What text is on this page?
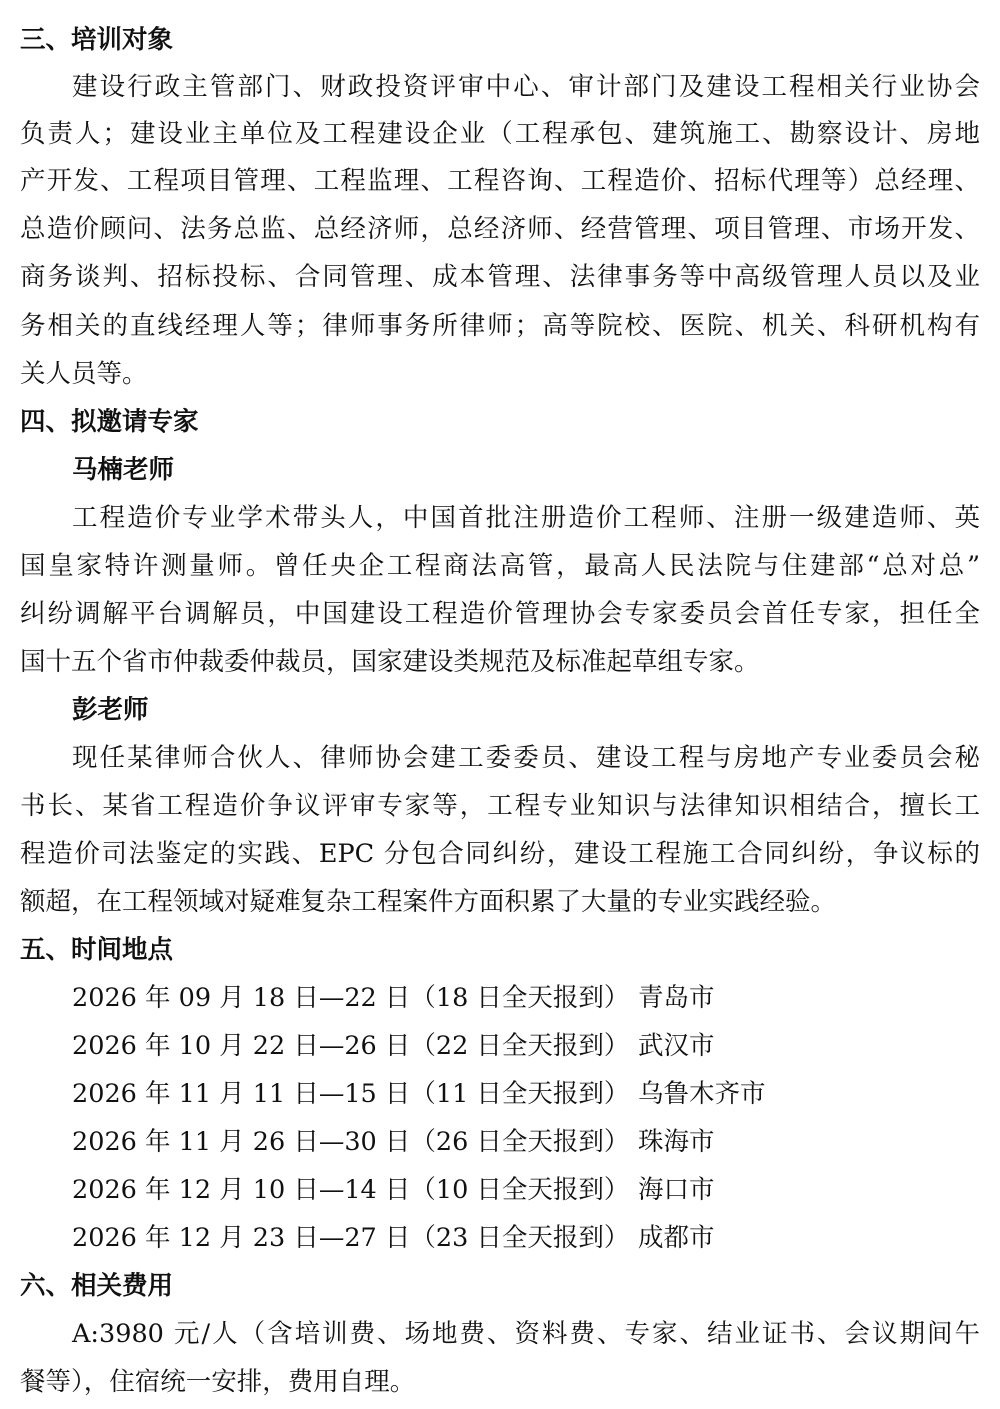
三、培训对象
建设行政主管部门、财政投资评审中心、审计部门及建设工程相关行业协会
负责人；建设业主单位及工程建设企业（工程承包、建筑施工、勘察设计、房地
产开发、工程项目管理、工程监理、工程咨询、工程造价、招标代理等）总经理、
总造价顾问、法务总监、总经济师，总经济师、经营管理、项目管理、市场开发、
商务谈判、招标投标、合同管理、成本管理、法律事务等中高级管理人员以及业
务相关的直线经理人等；律师事务所律师；高等院校、医院、机关、科研机构有
关人员等。
四、拟邀请专家
马楠老师
工程造价专业学术带头人，中国首批注册造价工程师、注册一级建造师、英
国皇家特许测量师。曾任央企工程商法高管，最高人民法院与住建部“总对总”
纠纷调解平台调解员，中国建设工程造价管理协会专家委员会首任专家，担任全
国十五个省市仲裁委仲裁员，国家建设类规范及标准起草组专家。
彭老师
现任某律师合伙人、律师协会建工委委员、建设工程与房地产专业委员会秘
书长、某省工程造价争议评审专家等，工程专业知识与法律知识相结合，擅长工
程造价司法鉴定的实践、EPC 分包合同纠纷，建设工程施工合同纠纷，争议标的
额超，在工程领域对疑难复杂工程案件方面积累了大量的专业实践经验。
五、时间地点
2026 年 09 月 18 日—22 日（18 日全天报到） 青岛市
2026 年 10 月 22 日—26 日（22 日全天报到） 武汉市
2026 年 11 月 11 日—15 日（11 日全天报到） 乌鲁木齐市
2026 年 11 月 26 日—30 日（26 日全天报到） 珠海市
2026 年 12 月 10 日—14 日（10 日全天报到） 海口市
2026 年 12 月 23 日—27 日（23 日全天报到） 成都市
六、相关费用
A:3980 元/人（含培训费、场地费、资料费、专家、结业证书、会议期间午
餐等），住宿统一安排，费用自理。
